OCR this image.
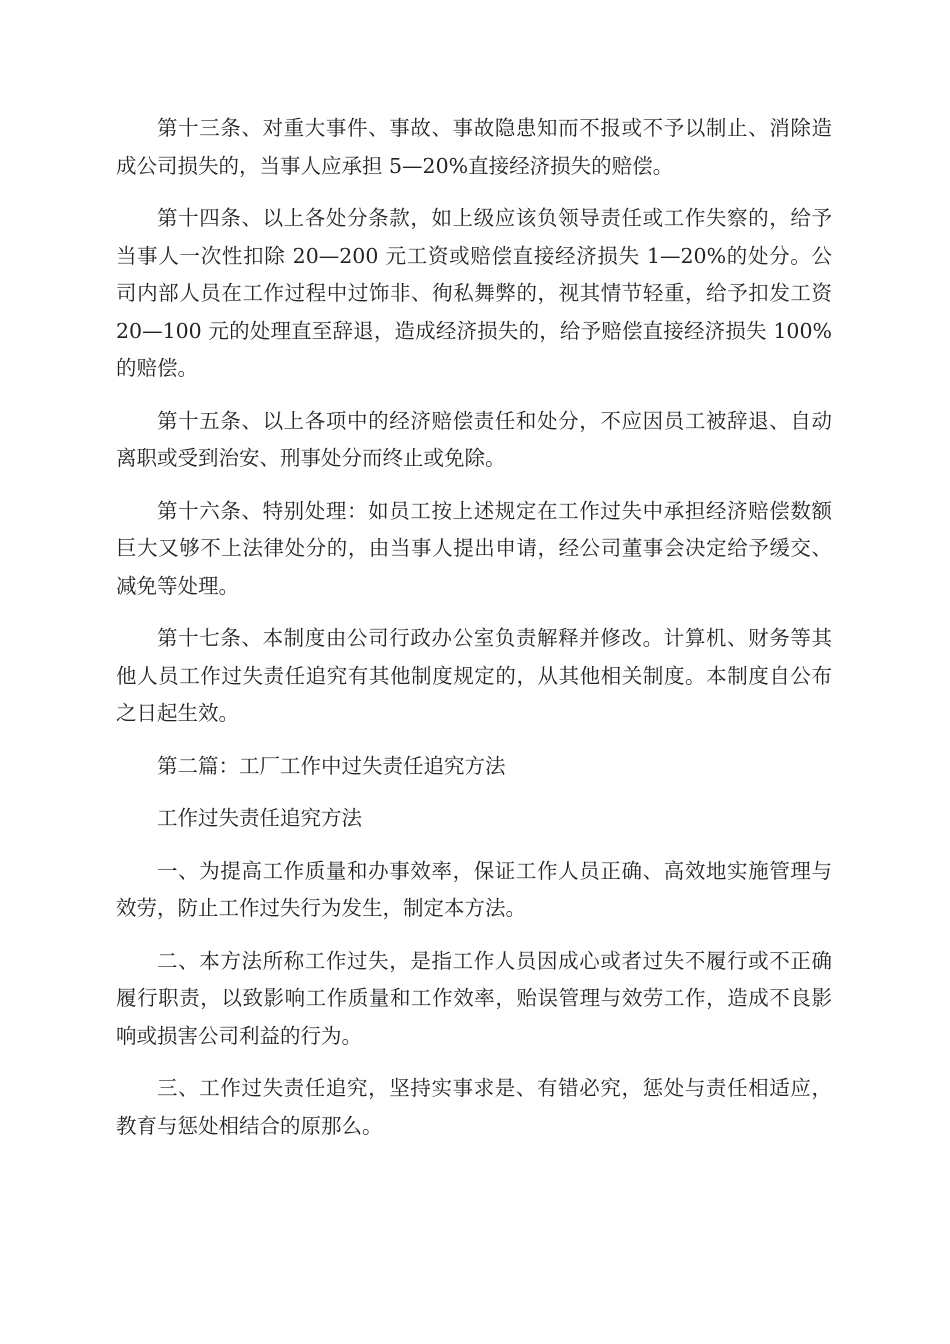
第十三条、对重大事件、事故、事故隐患知而不报或不予以制止、消除造成公司损失的，当事人应承担 5—20%直接经济损失的赔偿。

第十四条、以上各处分条款，如上级应该负领导责任或工作失察的，给予当事人一次性扣除 20—200 元工资或赔偿直接经济损失 1—20%的处分。公司内部人员在工作过程中过饰非、徇私舞弊的，视其情节轻重，给予扣发工资 20—100 元的处理直至辞退，造成经济损失的，给予赔偿直接经济损失 100%的赔偿。

第十五条、以上各项中的经济赔偿责任和处分，不应因员工被辞退、自动离职或受到治安、刑事处分而终止或免除。

第十六条、特别处理：如员工按上述规定在工作过失中承担经济赔偿数额巨大又够不上法律处分的，由当事人提出申请，经公司董事会决定给予缓交、减免等处理。

第十七条、本制度由公司行政办公室负责解释并修改。计算机、财务等其他人员工作过失责任追究有其他制度规定的，从其他相关制度。本制度自公布之日起生效。

第二篇：工厂工作中过失责任追究方法

工作过失责任追究方法

一、为提高工作质量和办事效率，保证工作人员正确、高效地实施管理与效劳，防止工作过失行为发生，制定本方法。

二、本方法所称工作过失，是指工作人员因成心或者过失不履行或不正确履行职责，以致影响工作质量和工作效率，贻误管理与效劳工作，造成不良影响或损害公司利益的行为。

三、工作过失责任追究，坚持实事求是、有错必究，惩处与责任相适应，教育与惩处相结合的原那么。
